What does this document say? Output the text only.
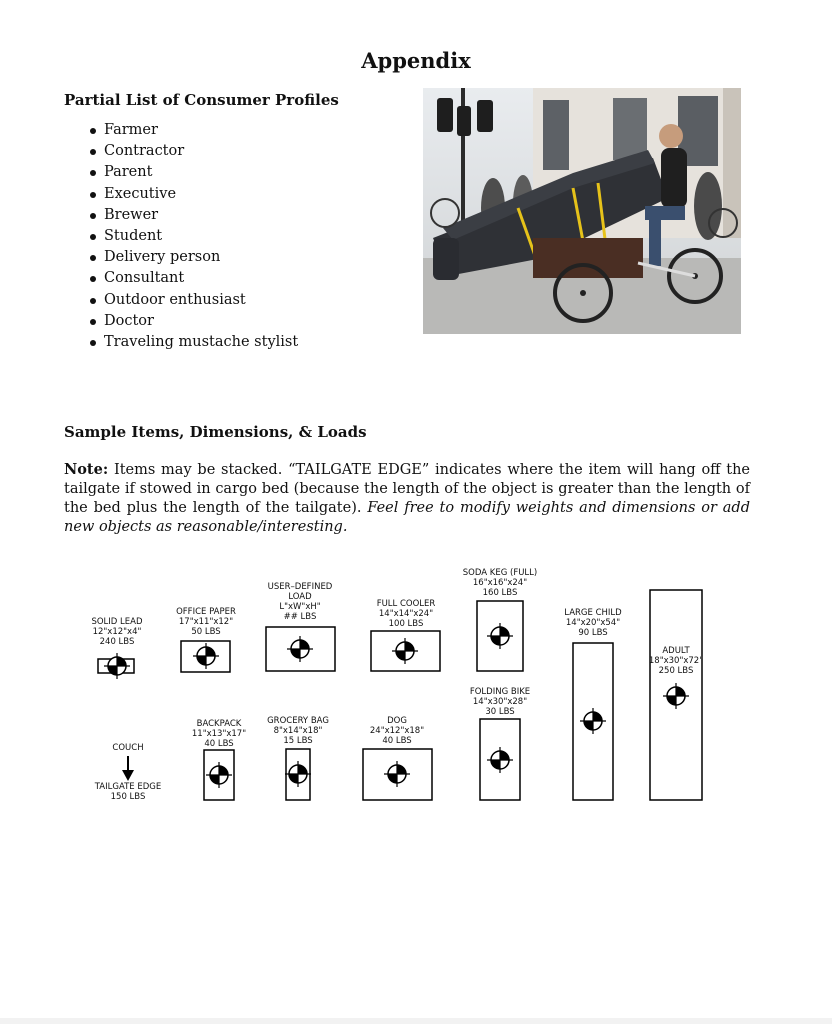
Appendix
Partial List of Consumer Profiles
Farmer
Contractor
Parent
Executive
Brewer
Student
Delivery person
Consultant
Outdoor enthusiast
Doctor
Traveling mustache stylist
Sample Items, Dimensions, & Loads
Note: Items may be stacked. “TAILGATE EDGE” indicates where the item will hang off the tailgate if stowed in cargo bed (because the length of the object is greater than the length of the bed plus the length of the tailgate). Feel free to modify weights and dimensions or add new objects as reasonable/interesting.
SOLID LEAD
12"x12"x4"
240 LBS
OFFICE PAPER
17"x11"x12"
50 LBS
USER–DEFINED
LOAD
L"xW"xH"
## LBS
FULL COOLER
14"x14"x24"
100 LBS
SODA KEG (FULL)
16"x16"x24"
160 LBS
LARGE CHILD
14"x20"x54"
90 LBS
ADULT
18"x30"x72"
250 LBS
FOLDING BIKE
14"x30"x28"
30 LBS
BACKPACK
11"x13"x17"
40 LBS
GROCERY BAG
8"x14"x18"
15 LBS
DOG
24"x12"x18"
40 LBS
COUCH
TAILGATE EDGE
150 LBS
